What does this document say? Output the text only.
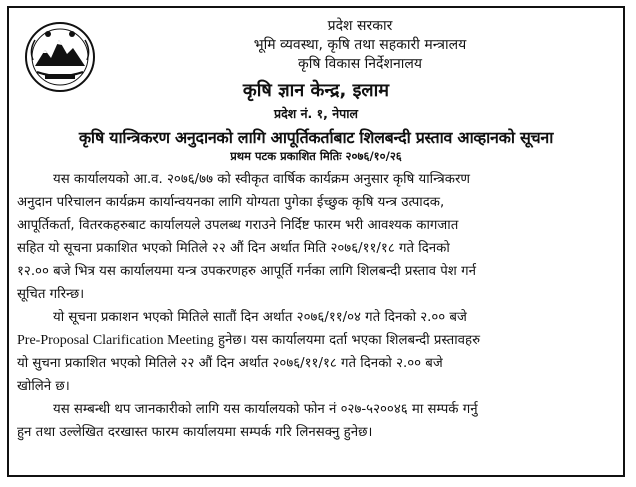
प्रदेश सरकार
भूमि व्यवस्था, कृषि तथा सहकारी मन्त्रालय
कृषि विकास निर्देशनालय
कृषि ज्ञान केन्द्र, इलाम
प्रदेश नं. १, नेपाल
कृषि यान्त्रिकरण अनुदानको लागि आपूर्तिकर्ताबाट शिलबन्दी प्रस्ताव आव्हानको सूचना
प्रथम पटक प्रकाशित मितिः २०७६/१०/२६
यस कार्यालयको आ.व. २०७६/७७ को स्वीकृत वार्षिक कार्यक्रम अनुसार कृषि यान्त्रिकरण
अनुदान परिचालन कार्यक्रम कार्यान्वयनका लागि योग्यता पुगेका ईच्छुक कृषि यन्त्र उत्पादक,
आपूर्तिकर्ता, वितरकहरुबाट कार्यालयले उपलब्ध गराउने निर्दिष्ट फारम भरी आवश्यक कागजात
सहित यो सूचना प्रकाशित भएको मितिले २२ औं दिन अर्थात मिति २०७६/११/१८ गते दिनको
१२.०० बजे भित्र यस कार्यालयमा यन्त्र उपकरणहरु आपूर्ति गर्नका लागि शिलबन्दी प्रस्ताव पेश गर्न
सूचित गरिन्छ।
यो सूचना प्रकाशन भएको मितिले सातौं दिन अर्थात २०७६/११/०४ गते दिनको २.०० बजे
Pre-Proposal Clarification Meeting हुनेछ। यस कार्यालयमा दर्ता भएका शिलबन्दी प्रस्तावहरु
यो सुचना प्रकाशित भएको मितिले २२ औं दिन अर्थात २०७६/११/१८ गते दिनको २.०० बजे
खोलिने छ।
यस सम्बन्धी थप जानकारीको लागि यस कार्यालयको फोन नं ०२७-५२००४६ मा सम्पर्क गर्नु
हुन तथा उल्लेखित दरखास्त फारम कार्यालयमा सम्पर्क गरि लिनसक्नु हुनेछ।
